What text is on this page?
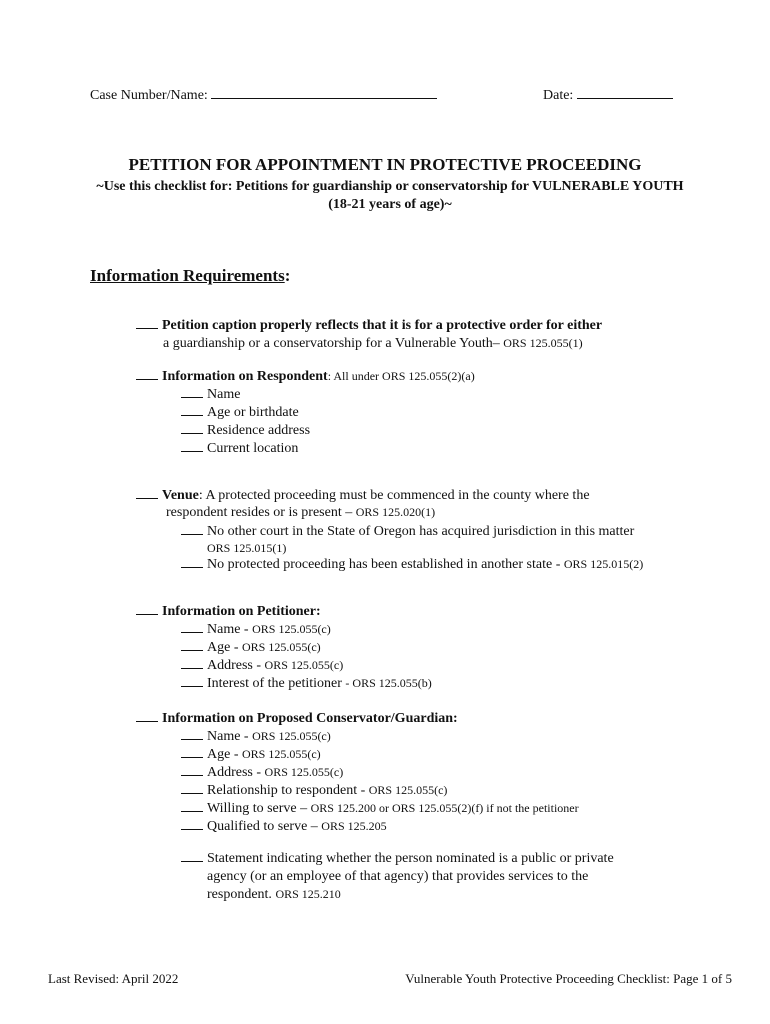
Case Number/Name:	Date:
PETITION FOR APPOINTMENT IN PROTECTIVE PROCEEDING
~Use this checklist for: Petitions for guardianship or conservatorship for VULNERABLE YOUTH (18-21 years of age)~
Information Requirements:
Petition caption properly reflects that it is for a protective order for either
a guardianship or a conservatorship for a Vulnerable Youth– ORS 125.055(1)
Information on Respondent: All under ORS 125.055(2)(a)
Name
Age or birthdate
Residence address
Current location
Venue: A protected proceeding must be commenced in the county where the
respondent resides or is present – ORS 125.020(1)
No other court in the State of Oregon has acquired jurisdiction in this matter
ORS 125.015(1)
No protected proceeding has been established in another state - ORS 125.015(2)
Information on Petitioner:
Name - ORS 125.055(c)
Age - ORS 125.055(c)
Address - ORS 125.055(c)
Interest of the petitioner - ORS 125.055(b)
Information on Proposed Conservator/Guardian:
Name - ORS 125.055(c)
Age - ORS 125.055(c)
Address - ORS 125.055(c)
Relationship to respondent - ORS 125.055(c)
Willing to serve – ORS 125.200 or ORS 125.055(2)(f) if not the petitioner
Qualified to serve – ORS 125.205
Statement indicating whether the person nominated is a public or private
agency (or an employee of that agency) that provides services to the
respondent. ORS 125.210
Last Revised: April 2022	Vulnerable Youth Protective Proceeding Checklist: Page 1 of 5
